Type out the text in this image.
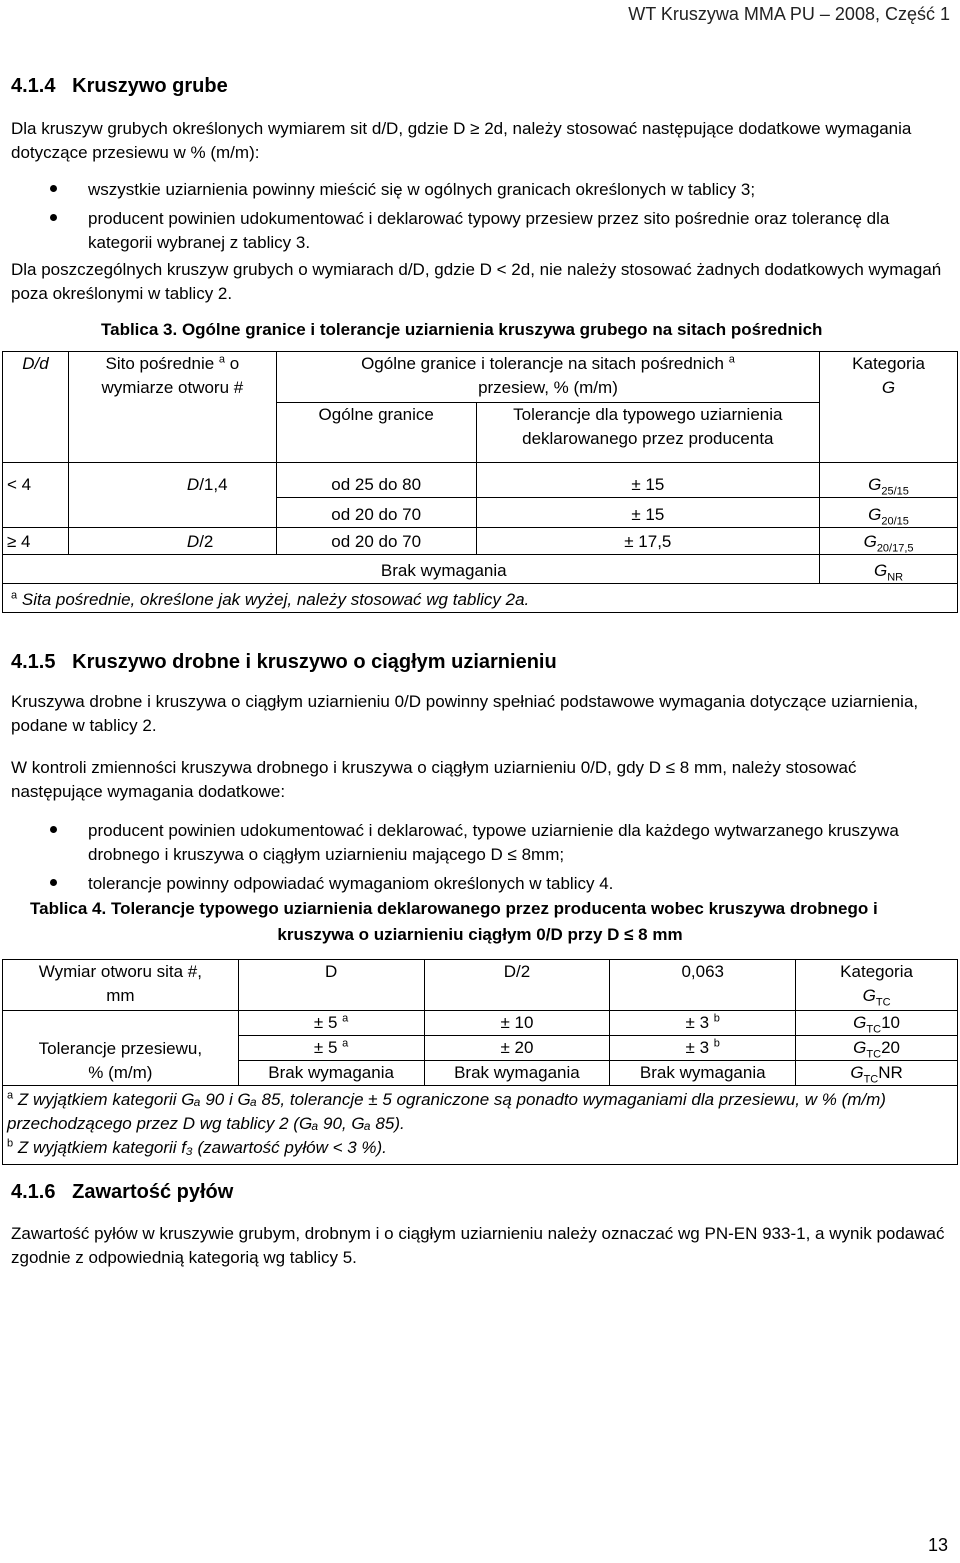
WT Kruszywa MMA PU – 2008, Część 1
4.1.4 Kruszywo grube
Dla kruszyw grubych określonych wymiarem sit d/D, gdzie D ≥ 2d, należy stosować następujące dodatkowe wymagania dotyczące przesiewu w % (m/m):
wszystkie uziarnienia powinny mieścić się w ogólnych granicach określonych w tablicy 3;
producent powinien udokumentować i deklarować typowy przesiew przez sito pośrednie oraz tolerancę dla kategorii wybranej z tablicy 3.
Dla poszczególnych kruszyw grubych o wymiarach d/D, gdzie D < 2d, nie należy stosować żadnych dodatkowych wymagań poza określonymi w tablicy 2.
Tablica 3. Ogólne granice i tolerancje uziarnienia kruszywa grubego na sitach pośrednich
D/d	Sito pośrednie $^a$ o wymiarze otworu #	Ogólne granice i tolerancje na sitach pośrednich $^a$
przesiew, % (m/m)		Kategoria
G
		Ogólne granice	Tolerancje dla typowego uziarnienia deklarowanego przez producenta	
< 4	D/1,4	od 25 do 80	± 15	$G_{25/15}$
		od 20 do 70	± 15	$G_{20/15}$
≥ 4	D/2	od 20 do 70	± 17,5	$G_{20/17,5}$
	Brak wymagania			$G_{NR}$
$^a$ Sita pośrednie, określone jak wyżej, należy stosować wg tablicy 2a.				
4.1.5 Kruszywo drobne i kruszywo o ciągłym uziarnieniu
Kruszywa drobne i kruszywa o ciągłym uziarnieniu 0/D powinny spełniać podstawowe wymagania dotyczące uziarnienia, podane w tablicy 2.
W kontroli zmienności kruszywa drobnego i kruszywa o ciągłym uziarnieniu 0/D, gdy D ≤ 8 mm, należy stosować następujące wymagania dodatkowe:
producent powinien udokumentować i deklarować, typowe uziarnienie dla każdego wytwarzanego kruszywa drobnego i kruszywa o ciągłym uziarnieniu mającego D ≤ 8mm;
tolerancje powinny odpowiadać wymaganiom określonych w tablicy 4.
Tablica 4. Tolerancje typowego uziarnienia deklarowanego przez producenta wobec kruszywa drobnego i
kruszywa o uziarnieniu ciągłym 0/D przy D ≤ 8 mm
Wymiar otworu sita #,
mm	D	D/2	0,063	Kategoria
$G_{TC}$
Tolerancje przesiewu,
% (m/m)	± 5 $^a$	± 10	± 3 $^b$	$G_{TC}10$
	± 5 $^a$	± 20	± 3 $^b$	$G_{TC}20$
	Brak wymagania	Brak wymagania	Brak wymagania	$G_{TC}NR$
$^a$ Z wyjątkiem kategorii Gₐ 90 i Gₐ 85, tolerancje ± 5 ograniczone są ponadto wymaganiami dla przesiewu, w % (m/m) przechodzącego przez D wg tablicy 2 (Gₐ 90, Gₐ 85).				
$^b$ Z wyjątkiem kategorii f₃ (zawartość pyłów < 3 %).				
4.1.6 Zawartość pyłów
Zawartość pyłów w kruszywie grubym, drobnym i o ciągłym uziarnieniu należy oznaczać wg PN-EN 933-1, a wynik podawać zgodnie z odpowiednią kategorią wg tablicy 5.
13
